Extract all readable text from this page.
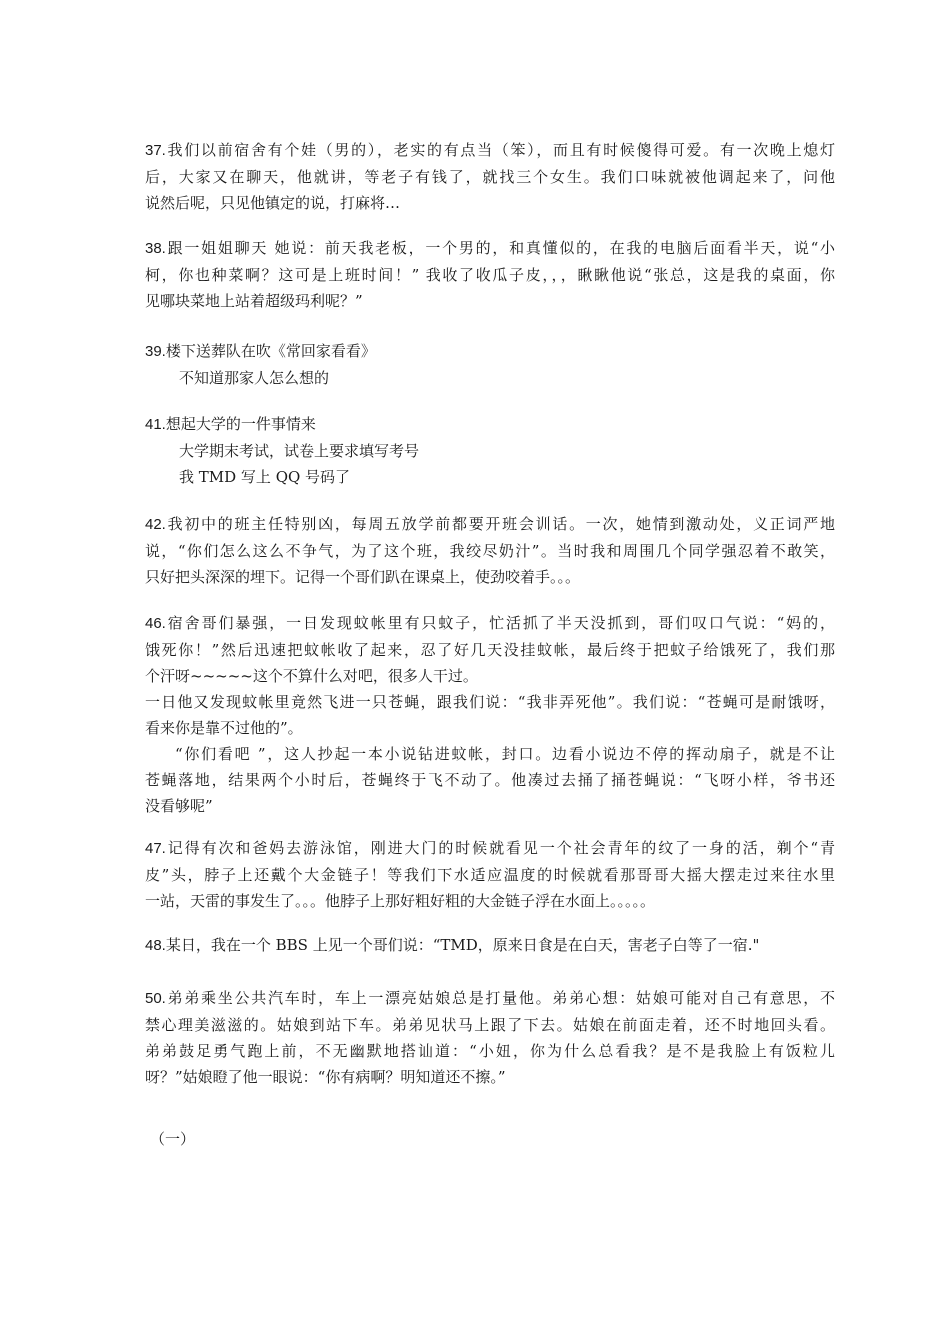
37.我们以前宿舍有个娃（男的），老实的有点当（笨），而且有时候傻得可爱。有一次晚上熄灯
后，大家又在聊天，他就讲，等老子有钱了，就找三个女生。我们口味就被他调起来了，问他
说然后呢，只见他镇定的说，打麻将…
38.跟一姐姐聊天 她说：前天我老板，一个男的，和真懂似的，在我的电脑后面看半天，说“小
柯，你也种菜啊？这可是上班时间！” 我收了收瓜子皮，，，瞅瞅他说“张总，这是我的桌面，你
见哪块菜地上站着超级玛利呢？”
39.楼下送葬队在吹《常回家看看》
不知道那家人怎么想的
41.想起大学的一件事情来
大学期末考试，试卷上要求填写考号
我 TMD 写上 QQ 号码了
42.我初中的班主任特别凶，每周五放学前都要开班会训话。一次，她情到激动处，义正词严地
说，“你们怎么这么不争气，为了这个班，我绞尽奶汁”。当时我和周围几个同学强忍着不敢笑，
只好把头深深的埋下。记得一个哥们趴在课桌上，使劲咬着手。。。
46.宿舍哥们暴强，一日发现蚊帐里有只蚊子，忙活抓了半天没抓到，哥们叹口气说：“妈的，
饿死你！”然后迅速把蚊帐收了起来，忍了好几天没挂蚊帐，最后终于把蚊子给饿死了，我们那
个汗呀~~~~~这个不算什么对吧，很多人干过。
一日他又发现蚊帐里竟然飞进一只苍蝇，跟我们说：“我非弄死他”。我们说：“苍蝇可是耐饿呀，
看来你是靠不过他的”。
“你们看吧 ”，这人抄起一本小说钻进蚊帐，封口。边看小说边不停的挥动扇子，就是不让
苍蝇落地，结果两个小时后，苍蝇终于飞不动了。他凑过去捅了捅苍蝇说：“飞呀小样，爷书还
没看够呢”
47.记得有次和爸妈去游泳馆，刚进大门的时候就看见一个社会青年的纹了一身的活，剃个“青
皮”头，脖子上还戴个大金链子！等我们下水适应温度的时候就看那哥哥大摇大摆走过来往水里
一站，天雷的事发生了。。。他脖子上那好粗好粗的大金链子浮在水面上。。。。。
48.某日，我在一个 BBS 上见一个哥们说：“TMD，原来日食是在白天，害老子白等了一宿."
50.弟弟乘坐公共汽车时，车上一漂亮姑娘总是打量他。弟弟心想：姑娘可能对自己有意思，不
禁心理美滋滋的。姑娘到站下车。弟弟见状马上跟了下去。姑娘在前面走着，还不时地回头看。
弟弟鼓足勇气跑上前，不无幽默地搭讪道：“小妞，你为什么总看我？是不是我脸上有饭粒儿
呀？”姑娘瞪了他一眼说：“你有病啊？明知道还不擦。”
（一）
